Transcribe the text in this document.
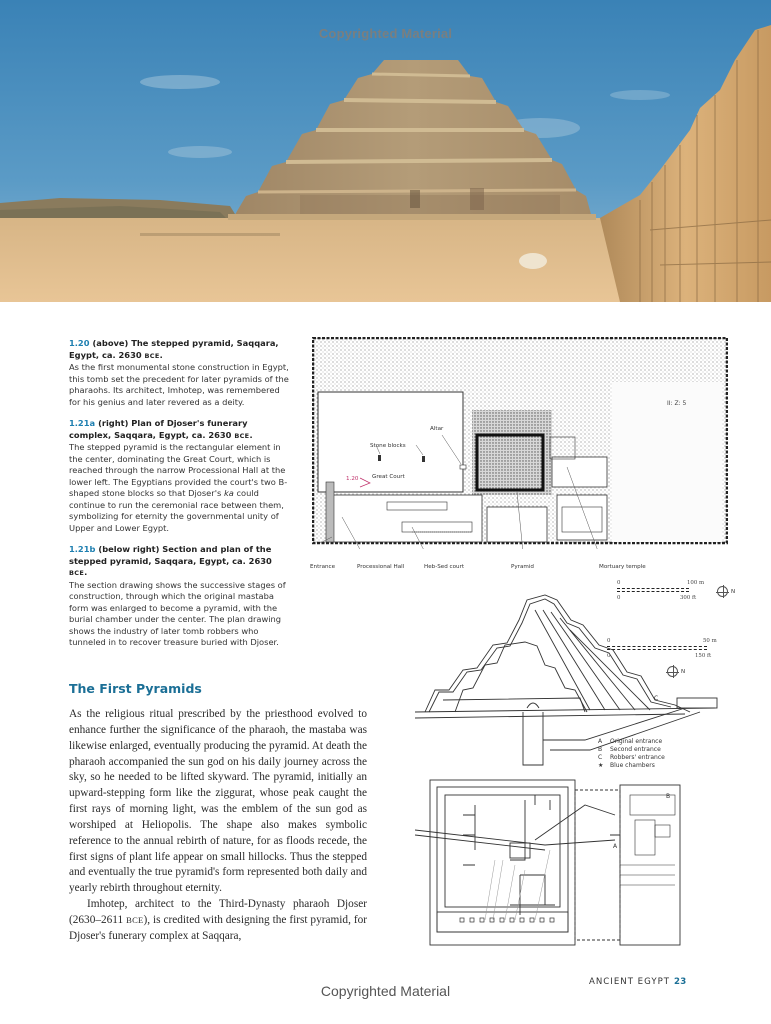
Copyrighted Material
1.20 (above) The stepped pyramid, Saqqara, Egypt, ca. 2630 BCE.
As the first monumental stone construction in Egypt, this tomb set the precedent for later pyramids of the pharaohs. Its architect, Imhotep, was remembered for his genius and later revered as a deity.
1.21a (right) Plan of Djoser's funerary complex, Saqqara, Egypt, ca. 2630 BCE.
The stepped pyramid is the rectangular element in the center, dominating the Great Court, which is reached through the narrow Processional Hall at the lower left. The Egyptians provided the court's two B-shaped stone blocks so that Djoser's ka could continue to run the ceremonial race between them, symbolizing for eternity the governmental unity of Upper and Lower Egypt.
1.21b (below right) Section and plan of the stepped pyramid, Saqqara, Egypt, ca. 2630 BCE.
The section drawing shows the successive stages of construction, through which the original mastaba form was enlarged to become a pyramid, with the burial chamber under the center. The plan drawing shows the industry of later tomb robbers who tunneled in to recover treasure buried with Djoser.
The First Pyramids

As the religious ritual prescribed by the priesthood evolved to enhance further the significance of the pharaoh, the mastaba was likewise enlarged, eventually producing the pyramid. At death the pharaoh accompanied the sun god on his daily journey across the sky, so he needed to be lifted skyward. The pyramid, initially an upward-stepping form like the ziggurat, whose peak caught the first rays of morning light, was the emblem of the sun god as worshiped at Heliopolis. The shape also makes symbolic reference to the annual rebirth of nature, for as floods recede, the first signs of plant life appear on small hillocks. Thus the stepped and eventually the true pyramid's form represented both daily and yearly rebirth throughout eternity.

Imhotep, architect to the Third-Dynasty pharaoh Djoser (2630–2611 BCE), is credited with designing the first pyramid, for Djoser's funerary complex at Saqqara,

II: Z: 5
Altar
Stone blocks
1.20 Great Court
Entrance	Processional Hall	Heb-Sed court	Pyramid	Mortuary temple
0	100 m
0	300 ft
N
A
B
C
0	50 m
0	150 ft
N
A	Original entrance
B	Second entrance
C Robbers' entrance
★ Blue chambers
ANCIENT EGYPT 23
Copyrighted Material
